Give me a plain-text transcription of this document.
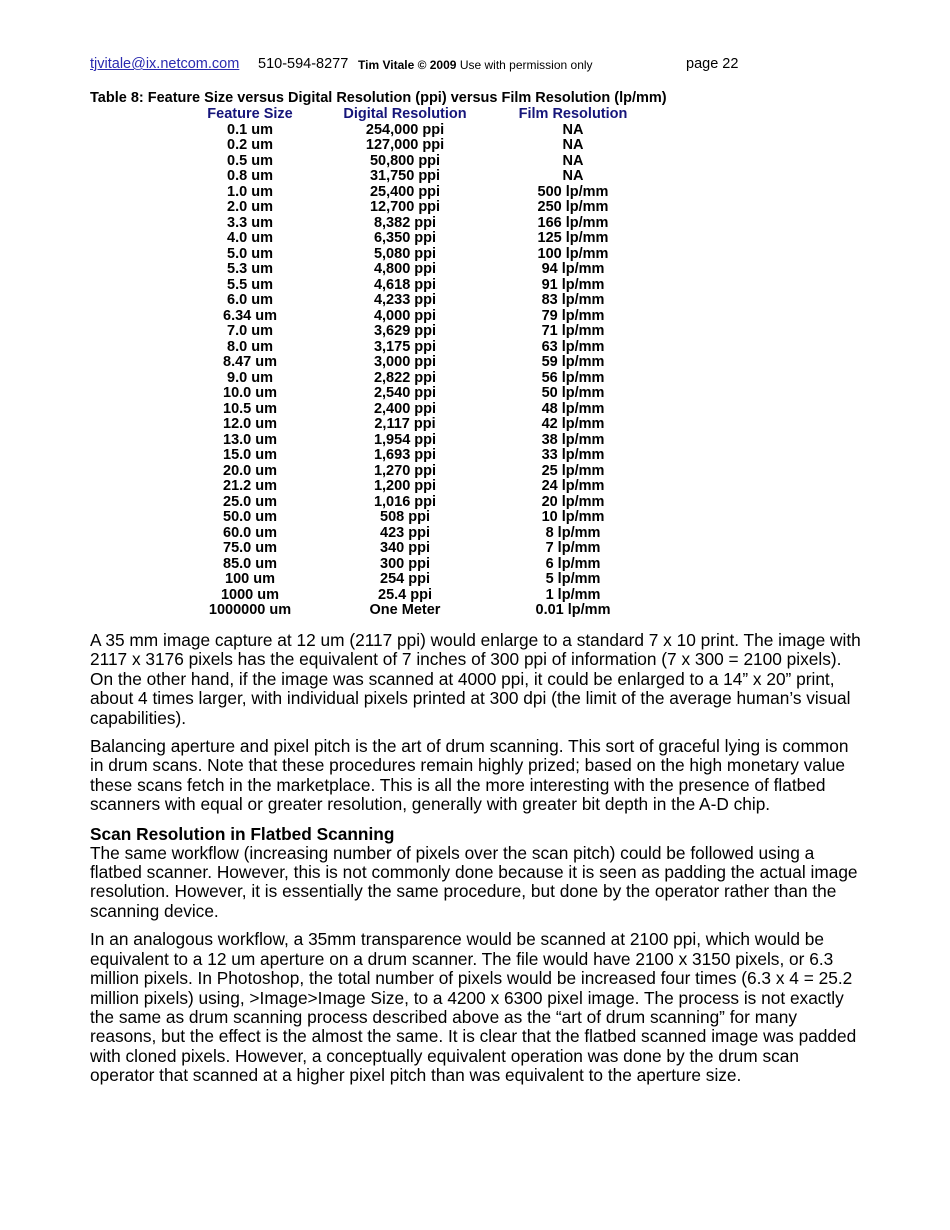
tjvitale@ix.netcom.com 510-594-8277 Tim Vitale © 2009 Use with permission only	page 22
Table 8: Feature Size versus Digital Resolution (ppi) versus Film Resolution (lp/mm)
Feature Size	Digital Resolution	Film Resolution
0.1 um	254,000 ppi	NA
0.2 um	127,000 ppi	NA
0.5 um	50,800 ppi	NA
0.8 um	31,750 ppi	NA
1.0 um	25,400 ppi	500 lp/mm
2.0 um	12,700 ppi	250 lp/mm
3.3 um	8,382 ppi	166 lp/mm
4.0 um	6,350 ppi	125 lp/mm
5.0 um	5,080 ppi	100 lp/mm
5.3 um	4,800 ppi	94 lp/mm
5.5 um	4,618 ppi	91 lp/mm
6.0 um	4,233 ppi	83 lp/mm
6.34 um	4,000 ppi	79 lp/mm
7.0 um	3,629 ppi	71 lp/mm
8.0 um	3,175 ppi	63 lp/mm
8.47 um	3,000 ppi	59 lp/mm
9.0 um	2,822 ppi	56 lp/mm
10.0 um	2,540 ppi	50 lp/mm
10.5 um	2,400 ppi	48 lp/mm
12.0 um	2,117 ppi	42 lp/mm
13.0 um	1,954 ppi	38 lp/mm
15.0 um	1,693 ppi	33 lp/mm
20.0 um	1,270 ppi	25 lp/mm
21.2 um	1,200 ppi	24 lp/mm
25.0 um	1,016 ppi	20 lp/mm
50.0 um	508 ppi	10 lp/mm
60.0 um	423 ppi	8 lp/mm
75.0 um	340 ppi	7 lp/mm
85.0 um	300 ppi	6 lp/mm
100 um	254 ppi	5 lp/mm
1000 um	25.4 ppi	1 lp/mm
1000000 um	One Meter	0.01 lp/mm

A 35 mm image capture at 12 um (2117 ppi) would enlarge to a standard 7 x 10 print. The image with 2117 x 3176 pixels has the equivalent of 7 inches of 300 ppi of information (7 x 300 = 2100 pixels). On the other hand, if the image was scanned at 4000 ppi, it could be enlarged to a 14” x 20” print, about 4 times larger, with individual pixels printed at 300 dpi (the limit of the average human’s visual capabilities).

Balancing aperture and pixel pitch is the art of drum scanning. This sort of graceful lying is common in drum scans. Note that these procedures remain highly prized; based on the high monetary value these scans fetch in the marketplace. This is all the more interesting with the presence of flatbed scanners with equal or greater resolution, generally with greater bit depth in the A-D chip.

Scan Resolution in Flatbed Scanning

The same workflow (increasing number of pixels over the scan pitch) could be followed using a flatbed scanner. However, this is not commonly done because it is seen as padding the actual image resolution. However, it is essentially the same procedure, but done by the operator rather than the scanning device.

In an analogous workflow, a 35mm transparence would be scanned at 2100 ppi, which would be equivalent to a 12 um aperture on a drum scanner. The file would have 2100 x 3150 pixels, or 6.3 million pixels. In Photoshop, the total number of pixels would be increased four times (6.3 x 4 = 25.2 million pixels) using, >Image>Image Size, to a 4200 x 6300 pixel image. The process is not exactly the same as drum scanning process described above as the “art of drum scanning” for many reasons, but the effect is the almost the same. It is clear that the flatbed scanned image was padded with cloned pixels. However, a conceptually equivalent operation was done by the drum scan operator that scanned at a higher pixel pitch than was equivalent to the aperture size.
